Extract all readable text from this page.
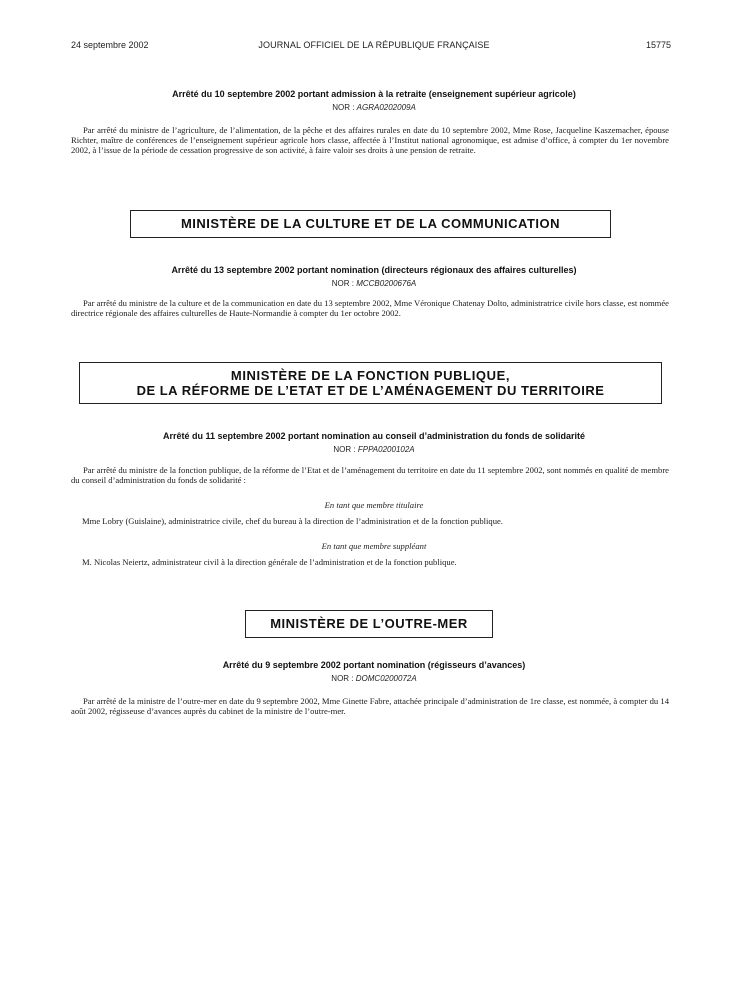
24 septembre 2002	JOURNAL OFFICIEL DE LA RÉPUBLIQUE FRANÇAISE	15775
Arrêté du 10 septembre 2002 portant admission à la retraite (enseignement supérieur agricole)
NOR : AGRA0202009A
Par arrêté du ministre de l’agriculture, de l’alimentation, de la pêche et des affaires rurales en date du 10 septembre 2002, Mme Rose, Jacqueline Kaszemacher, épouse Richter, maître de conférences de l’enseignement supérieur agricole hors classe, affectée à l’Institut national agronomique, est admise d’office, à compter du 1er novembre 2002, à l’issue de la période de cessation progressive de son activité, à faire valoir ses droits à une pension de retraite.
MINISTÈRE DE LA CULTURE ET DE LA COMMUNICATION
Arrêté du 13 septembre 2002 portant nomination (directeurs régionaux des affaires culturelles)
NOR : MCCB0200676A
Par arrêté du ministre de la culture et de la communication en date du 13 septembre 2002, Mme Véronique Chatenay Dolto, administratrice civile hors classe, est nommée directrice régionale des affaires culturelles de Haute-Normandie à compter du 1er octobre 2002.
MINISTÈRE DE LA FONCTION PUBLIQUE,
DE LA RÉFORME DE L’ETAT ET DE L’AMÉNAGEMENT DU TERRITOIRE
Arrêté du 11 septembre 2002 portant nomination au conseil d’administration du fonds de solidarité
NOR : FPPA0200102A
Par arrêté du ministre de la fonction publique, de la réforme de l’Etat et de l’aménagement du territoire en date du 11 septembre 2002, sont nommés en qualité de membre du conseil d’administration du fonds de solidarité :
En tant que membre titulaire
Mme Lobry (Guislaine), administratrice civile, chef du bureau à la direction de l’administration et de la fonction publique.
En tant que membre suppléant
M. Nicolas Neiertz, administrateur civil à la direction générale de l’administration et de la fonction publique.
MINISTÈRE DE L’OUTRE-MER
Arrêté du 9 septembre 2002 portant nomination (régisseurs d’avances)
NOR : DOMC0200072A
Par arrêté de la ministre de l’outre-mer en date du 9 septembre 2002, Mme Ginette Fabre, attachée principale d’administration de 1re classe, est nommée, à compter du 14 août 2002, régisseuse d’avances auprès du cabinet de la ministre de l’outre-mer.
